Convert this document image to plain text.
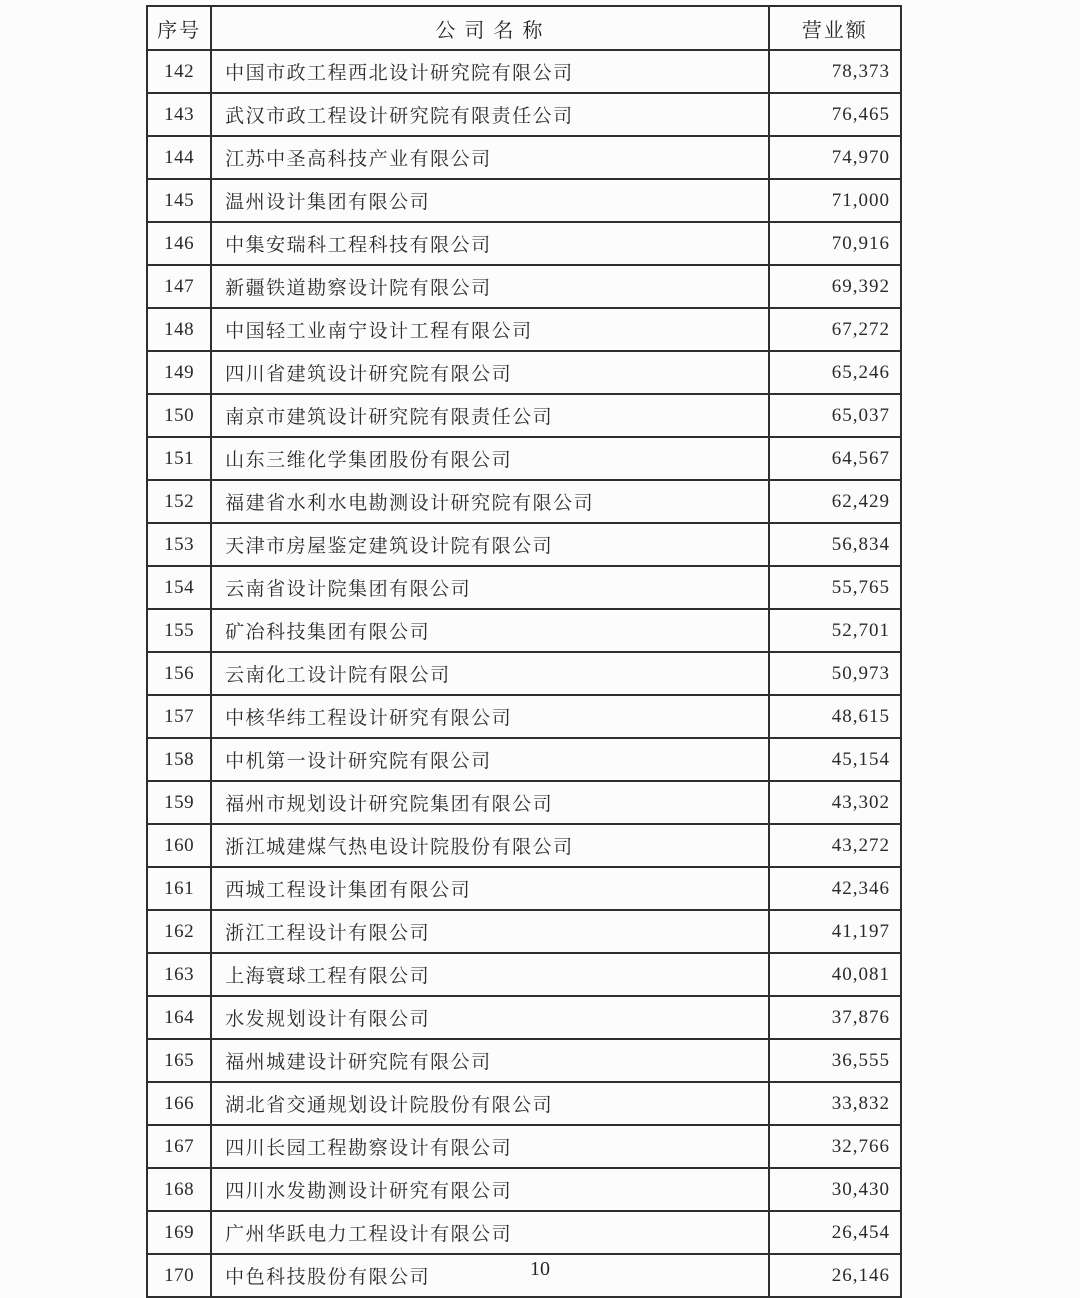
序号	公 司 名 称	营业额
142	中国市政工程西北设计研究院有限公司	78,373
143	武汉市政工程设计研究院有限责任公司	76,465
144	江苏中圣高科技产业有限公司	74,970
145	温州设计集团有限公司	71,000
146	中集安瑞科工程科技有限公司	70,916
147	新疆铁道勘察设计院有限公司	69,392
148	中国轻工业南宁设计工程有限公司	67,272
149	四川省建筑设计研究院有限公司	65,246
150	南京市建筑设计研究院有限责任公司	65,037
151	山东三维化学集团股份有限公司	64,567
152	福建省水利水电勘测设计研究院有限公司	62,429
153	天津市房屋鉴定建筑设计院有限公司	56,834
154	云南省设计院集团有限公司	55,765
155	矿冶科技集团有限公司	52,701
156	云南化工设计院有限公司	50,973
157	中核华纬工程设计研究有限公司	48,615
158	中机第一设计研究院有限公司	45,154
159	福州市规划设计研究院集团有限公司	43,302
160	浙江城建煤气热电设计院股份有限公司	43,272
161	西城工程设计集团有限公司	42,346
162	浙江工程设计有限公司	41,197
163	上海寰球工程有限公司	40,081
164	水发规划设计有限公司	37,876
165	福州城建设计研究院有限公司	36,555
166	湖北省交通规划设计院股份有限公司	33,832
167	四川长园工程勘察设计有限公司	32,766
168	四川水发勘测设计研究有限公司	30,430
169	广州华跃电力工程设计有限公司	26,454
170	中色科技股份有限公司	26,146
10
